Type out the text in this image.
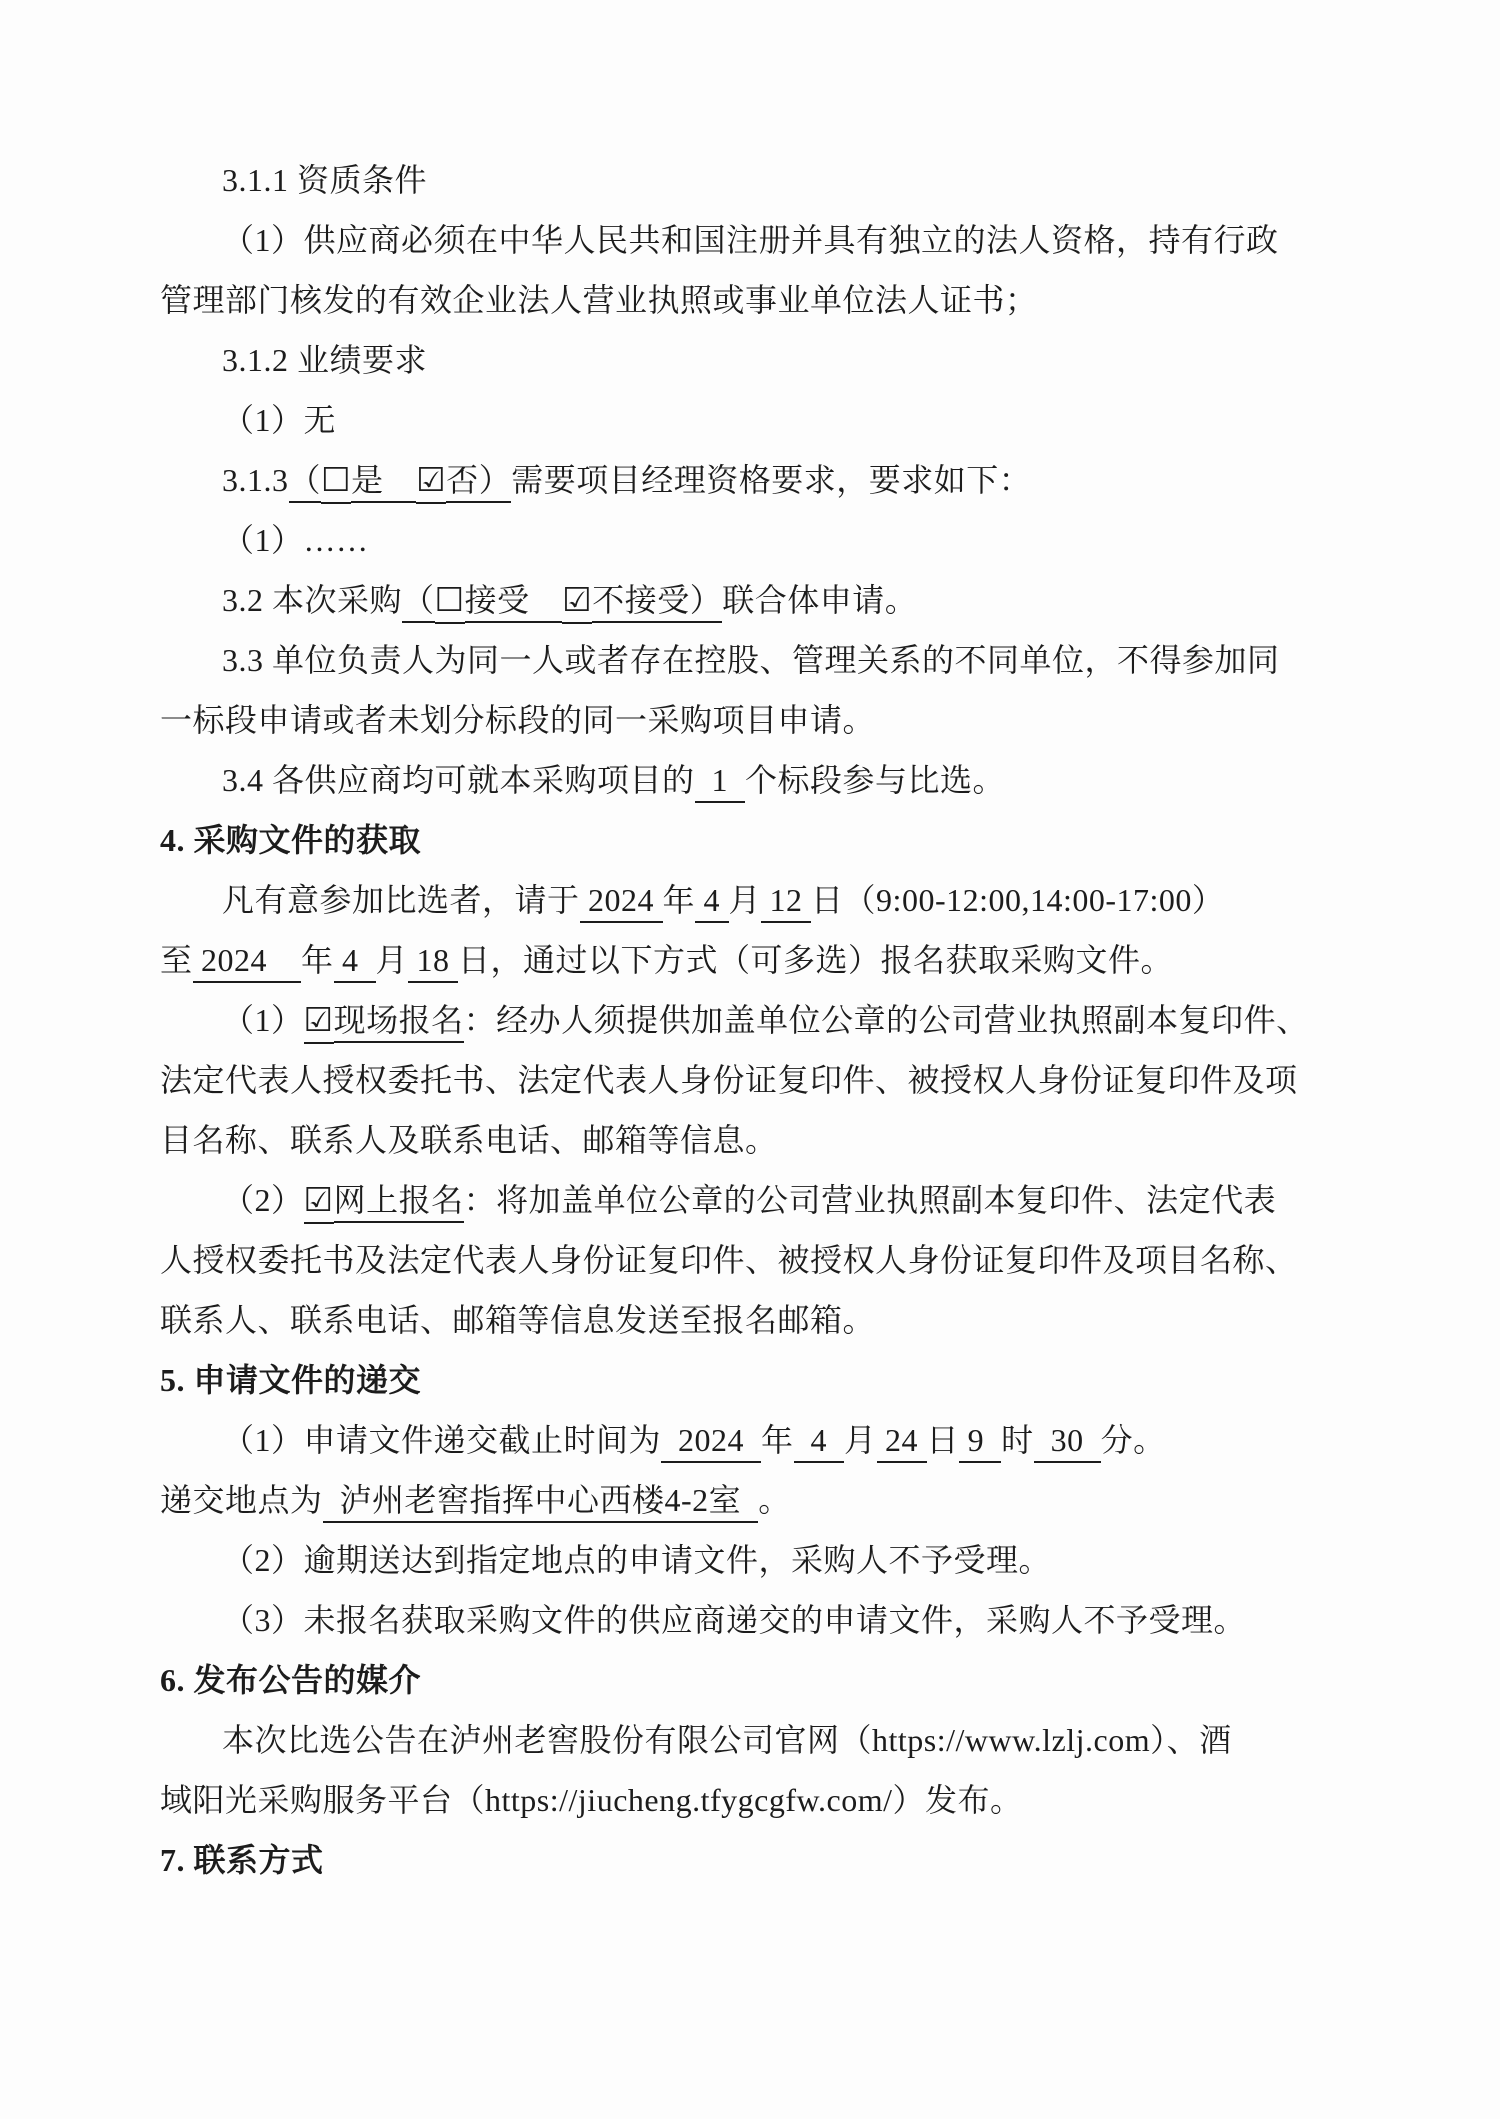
3.1.1 资质条件
（1）供应商必须在中华人民共和国注册并具有独立的法人资格，持有行政
管理部门核发的有效企业法人营业执照或事业单位法人证书；
3.1.2 业绩要求
（1）无
3.1.3（☐是　☑否）需要项目经理资格要求，要求如下：
（1）……
3.2 本次采购（☐接受　☑不接受）联合体申请。
3.3 单位负责人为同一人或者存在控股、管理关系的不同单位，不得参加同
一标段申请或者未划分标段的同一采购项目申请。
3.4 各供应商均可就本采购项目的  1  个标段参与比选。
4. 采购文件的获取
凡有意参加比选者，请于 2024 年 4 月 12 日（9:00-12:00,14:00-17:00）
至 2024    年 4  月 18 日，通过以下方式（可多选）报名获取采购文件。
（1）☑现场报名：经办人须提供加盖单位公章的公司营业执照副本复印件、
法定代表人授权委托书、法定代表人身份证复印件、被授权人身份证复印件及项
目名称、联系人及联系电话、邮箱等信息。
（2）☑网上报名：将加盖单位公章的公司营业执照副本复印件、法定代表
人授权委托书及法定代表人身份证复印件、被授权人身份证复印件及项目名称、
联系人、联系电话、邮箱等信息发送至报名邮箱。
5. 申请文件的递交
（1）申请文件递交截止时间为  2024  年  4  月 24 日 9  时  30  分。
递交地点为  泸州老窖指挥中心西楼4-2室  。
（2）逾期送达到指定地点的申请文件，采购人不予受理。
（3）未报名获取采购文件的供应商递交的申请文件，采购人不予受理。
6. 发布公告的媒介
本次比选公告在泸州老窖股份有限公司官网（https://www.lzlj.com）、酒
域阳光采购服务平台（https://jiucheng.tfygcgfw.com/）发布。
7. 联系方式
